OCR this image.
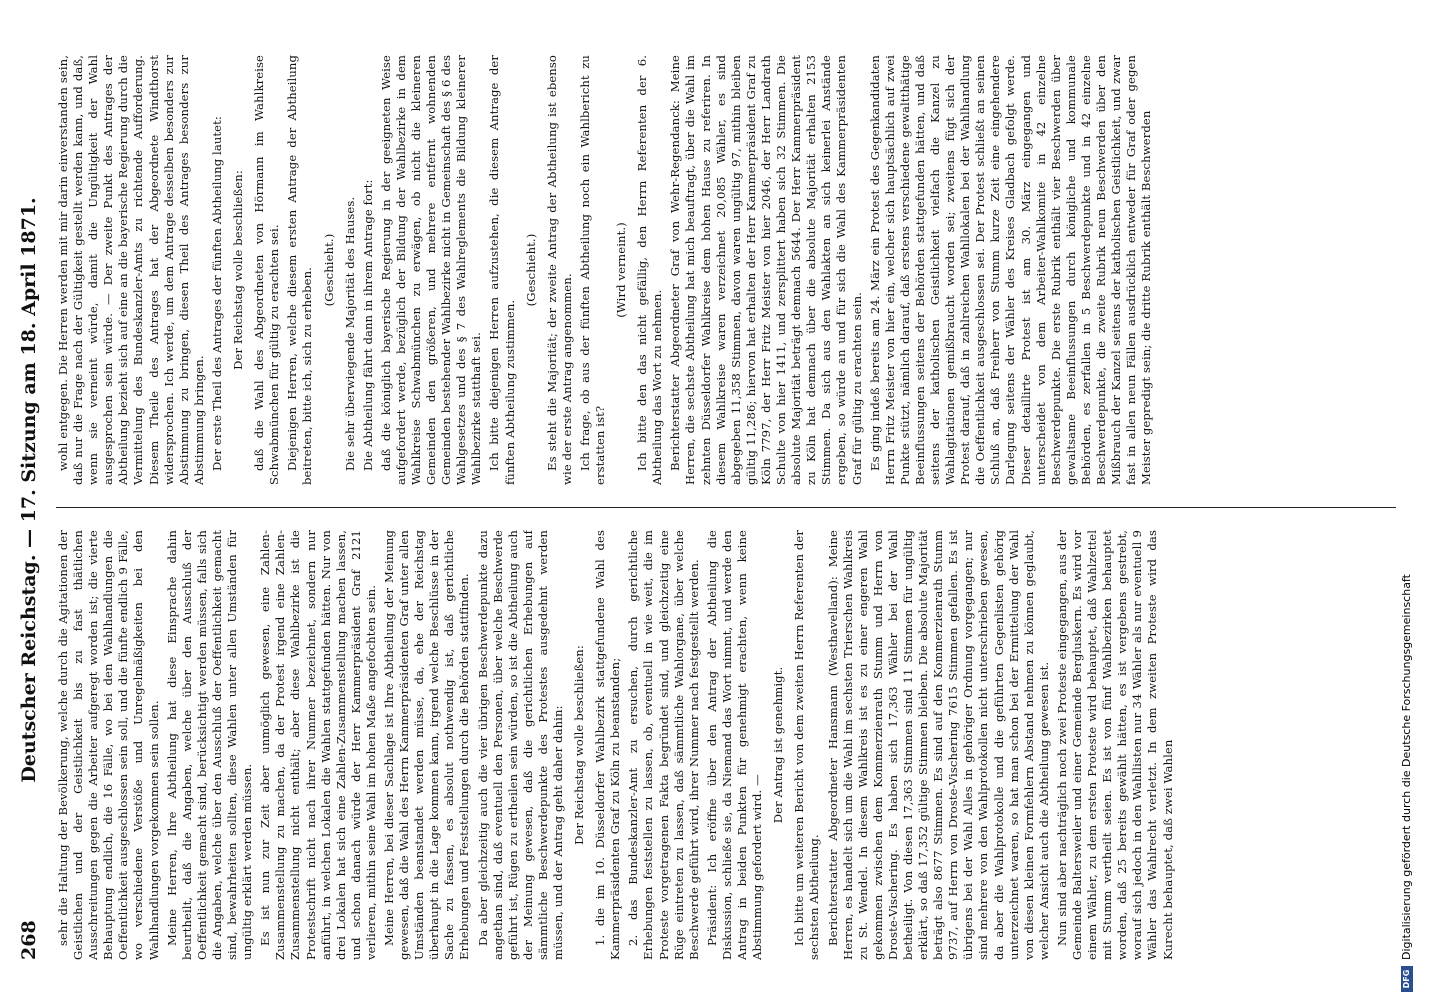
268
Deutscher Reichstag. — 17. Sitzung am 18. April 1871.	sehr die Haltung der Bevölkerung, welche durch die Agitationen der Geistlichen und der Geistlichkeit bis zu fast thätlichen Ausschreitungen gegen die Arbeiter aufgeregt worden ist; die vierte Behauptung endlich, die 16 Fälle, wo bei den Wahlhandlungen die Oeffentlichkeit ausgeschlossen sein soll, und die fünfte endlich 9 Fälle, wo verschiedene Verstöße und Unregelmäßigkeiten bei den Wahlhandlungen vorgekommen sein sollen. Meine Herren, Ihre Abtheilung hat diese Einsprache dahin beurtheilt, daß die Angaben, welche über den Ausschluß der Oeffentlichkeit gemacht sind, berücksichtigt werden müssen, falls sich die Angaben, welche über den Ausschluß der Oeffentlichkeit gemacht sind, bewahrheiten sollten, diese Wahlen unter allen Umständen für ungültig erklärt werden müssen. Es ist nun zur Zeit aber unmöglich gewesen, eine Zahlen-Zusammenstellung zu machen, da der Protest irgend eine Zahlen-Zusammenstellung nicht enthält; aber diese Wahlbezirke ist die Protestschrift nicht nach ihrer Nummer bezeichnet, sondern nur anführt, in welchen Lokalen die Wahlen stattgefunden hätten. Nur von drei Lokalen hat sich eine Zahlen-Zusammenstellung machen lassen, und schon danach würde der Herr Kammerpräsident Graf 2121 verlieren, mithin seine Wahl im hohen Maße angefochten sein. Meine Herren, bei dieser Sachlage ist Ihre Abtheilung der Meinung gewesen, daß die Wahl des Herrn Kammerpräsidenten Graf unter allen Umständen beanstandet werden müsse, da, ehe der Reichstag überhaupt in die Lage kommen kann, irgend welche Beschlüsse in der Sache zu fassen, es absolut nothwendig ist, daß gerichtliche Erhebungen und Feststellungen durch die Behörden stattfinden. Da aber gleichzeitig auch die vier übrigen Beschwerdepunkte dazu angethan sind, daß eventuell den Personen, über welche Beschwerde geführt ist, Rügen zu ertheilen sein würden, so ist die Abtheilung auch der Meinung gewesen, daß die gerichtlichen Erhebungen auf sämmtliche Beschwerdepunkte des Protestes ausgedehnt werden müssen, und der Antrag geht daher dahin: Der Reichstag wolle beschließen: 1. die im 10. Düsseldorfer Wahlbezirk stattgefundene Wahl des Kammerpräsidenten Graf zu Köln zu beanstanden; 2. das Bundeskanzler-Amt zu ersuchen, durch gerichtliche Erhebungen feststellen zu lassen, ob, eventuell in wie weit, die im Proteste vorgetragenen Fakta begründet sind, und gleichzeitig eine Rüge eintreten zu lassen, daß sämmtliche Wahlorgane, über welche Beschwerde geführt wird, ihrer Nummer nach festgestellt werden. Präsident: Ich eröffne über den Antrag der Abtheilung die Diskussion, schließe sie, da Niemand das Wort nimmt, und werde den Antrag in beiden Punkten für genehmigt erachten, wenn keine Abstimmung gefordert wird. —

Der Antrag ist genehmigt. Ich bitte um weiteren Bericht von dem zweiten Herrn Referenten der sechsten Abtheilung. Berichterstatter Abgeordneter Hansmann (Westhavelland): Meine Herren, es handelt sich um die Wahl im sechsten Trierschen Wahlkreis zu St. Wendel. In diesem Wahlkreis ist es zu einer engeren Wahl gekommen zwischen dem Kommerzienrath Stumm und Herrn von Droste-Vischering. Es haben sich 17,363 Wähler bei der Wahl betheiligt. Von diesen 17,363 Stimmen sind 11 Stimmen für ungültig erklärt, so daß 17,352 gültige Stimmen bleiben. Die absolute Majorität beträgt also 8677 Stimmen. Es sind auf den Kommerzienrath Stumm 9737, auf Herrn von Droste-Vischering 7615 Stimmen gefallen. Es ist übrigens bei der Wahl Alles in gehöriger Ordnung vorgegangen; nur sind mehrere von den Wahlprotokollen nicht unterschrieben gewesen, da aber die Wahlprotokolle und die geführten Gegenlisten gehörig unterzeichnet waren, so hat man schon bei der Ermittelung der Wahl von diesen kleinen Formfehlern Abstand nehmen zu können geglaubt, welcher Ansicht auch die Abtheilung gewesen ist. Nun sind aber nachträglich noch zwei Proteste eingegangen, aus der Gemeinde Baltersweiler und einer Gemeinde Bergluskern. Es wird vor einem Wähler, zu dem ersten Proteste wird behauptet, daß Wahlzettel mit Stumm vertheilt seien. Es ist von fünf Wahlbezirken behauptet worden, daß 25 bereits gewählt hätten, es ist vergebens gestrebt, worauf sich jedoch in den Wahllisten nur 34 Wähler als nur eventuell 9 Wähler das Wahlrecht verletzt. In dem zweiten Proteste wird das Kurecht behauptet, daß zwei Wahlen

wohl entgegen. Die Herren werden mit mir darin einverstanden sein, daß nur die Frage nach der Gültigkeit gestellt werden kann, und daß, wenn sie verneint würde, damit die Ungültigkeit der Wahl ausgesprochen sein würde. — Der zweite Punkt des Antrages der Abtheilung bezieht sich auf eine an die bayerische Regierung durch die Vermittelung des Bundeskanzler-Amts zu richtende Aufforderung. Diesem Theile des Antrages hat der Abgeordnete Windthorst widersprochen. Ich werde, um dem Antrage desselben besonders zur Abstimmung zu bringen, diesen Theil des Antrages besonders zur Abstimmung bringen. Der erste Theil des Antrages der fünften Abtheilung lautet: Der Reichstag wolle beschließen: daß die Wahl des Abgeordneten von Hörmann im Wahlkreise Schwabmünchen für gültig zu erachten sei. Diejenigen Herren, welche diesem ersten Antrage der Abtheilung beitreten, bitte ich, sich zu erheben. (Geschieht.) Die sehr überwiegende Majorität des Hauses. Die Abtheilung fährt dann in ihrem Antrage fort: daß die königlich bayerische Regierung in der geeigneten Weise aufgefordert werde, bezüglich der Bildung der Wahlbezirke in dem Wahlkreise Schwabmünchen zu erwägen, ob nicht die kleineren Gemeinden den größeren, und mehrere entfernt wohnenden Gemeinden bestehender Wahlbezirke nicht in Gemeinschaft des § 6 des Wahlgesetzes und des § 7 des Wahlreglements die Bildung kleinerer Wahlbezirke statthaft sei. Ich bitte diejenigen Herren aufzustehen, die diesem Antrage der fünften Abtheilung zustimmen.

(Geschieht.) Es steht die Majorität; der zweite Antrag der Abtheilung ist ebenso wie der erste Antrag angenommen. Ich frage, ob aus der fünften Abtheilung noch ein Wahlbericht zu erstatten ist?

(Wird verneint.) Ich bitte den das nicht gefällig, den Herrn Referenten der 6. Abtheilung das Wort zu nehmen. Berichterstatter Abgeordneter Graf von Wehr-Regendanck: Meine Herren, die sechste Abtheilung hat mich beauftragt, über die Wahl im zehnten Düsseldorfer Wahlkreise dem hohen Hause zu referiren. In diesem Wahlkreise waren verzeichnet 20,085 Wähler, es sind abgegeben 11,358 Stimmen, davon waren ungültig 97, mithin bleiben gültig 11,286; hiervon hat erhalten der Herr Kammerpräsident Graf zu Köln 7797, der Herr Fritz Meister von hier 2046, der Herr Landrath Schulte von hier 1411, und zersplittert haben sich 32 Stimmen. Die absolute Majorität beträgt demnach 5644. Der Herr Kammerpräsident zu Köln hat demnach über die absolute Majorität erhalten 2153 Stimmen. Da sich aus den Wahlakten an sich keinerlei Anstände ergeben, so würde an und für sich die Wahl des Kammerpräsidenten Graf für gültig zu erachten sein. Es ging indeß bereits am 24. März ein Protest des Gegenkandidaten Herrn Fritz Meister von hier ein, welcher sich hauptsächlich auf zwei Punkte stützt, nämlich darauf, daß erstens verschiedene gewaltthätige Beeinflussungen seitens der Behörden stattgefunden hätten, und daß seitens der katholischen Geistlichkeit vielfach die Kanzel zu Wahlagitationen gemißbraucht worden sei; zweitens fügt sich der Protest darauf, daß in zahlreichen Wahllokalen bei der Wahlhandlung die Oeffentlichkeit ausgeschlossen sei. Der Protest schließt an seinen Schluß an, daß Freiherr von Stumm kurze Zeit eine eingehendere Darlegung seitens der Wähler des Kreises Gladbach gefolgt werde. Dieser detaillirte Protest ist am 30. März eingegangen und unterscheidet von dem Arbeiter-Wahlkomite in 42 einzelne Beschwerdepunkte. Die erste Rubrik enthält vier Beschwerden über gewaltsame Beeinflussungen durch königliche und kommunale Behörden, es zerfallen in 5 Beschwerdepunkte und in 42 einzelne Beschwerdepunkte, die zweite Rubrik neun Beschwerden über den Mißbrauch der Kanzel seitens der katholischen Geistlichkeit, und zwar fast in allen neun Fällen ausdrücklich entweder für Graf oder gegen Meister gepredigt sein; die dritte Rubrik enthält Beschwerden

DFG
Digitalisierung gefördert durch die Deutsche Forschungsgemeinschaft
